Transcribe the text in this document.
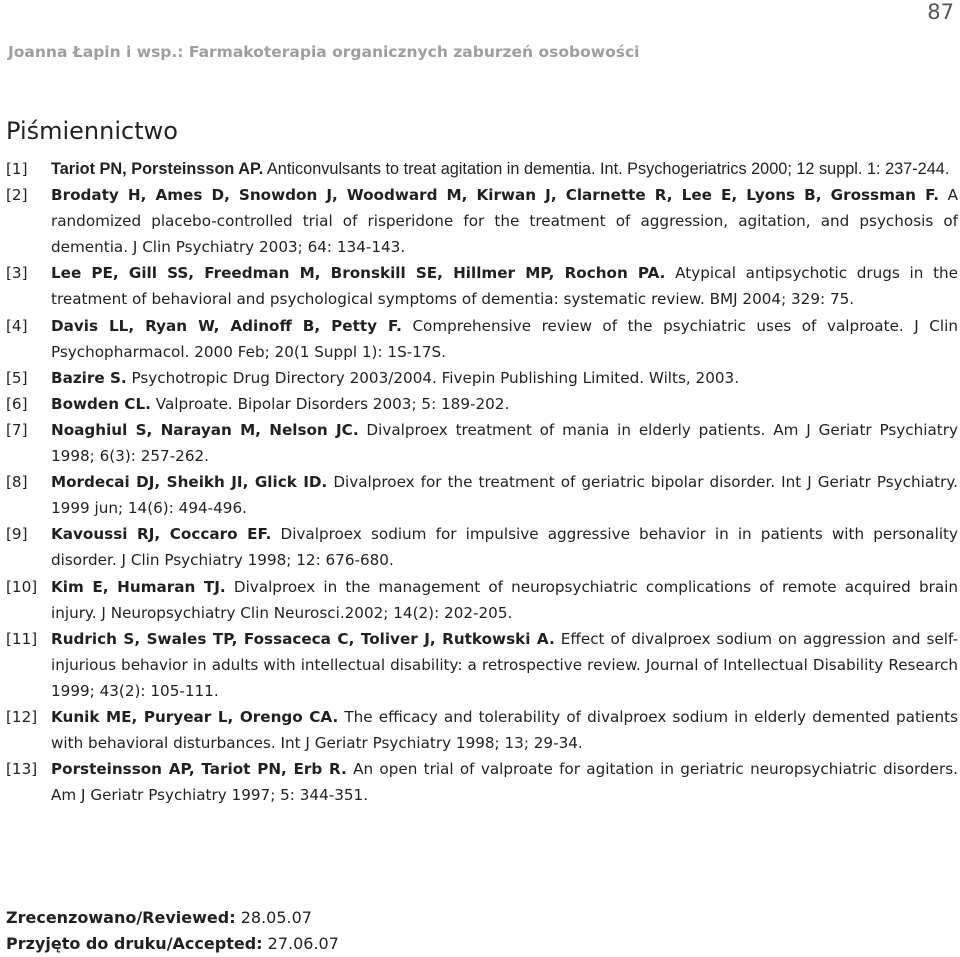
87
Joanna Łapin i wsp.: Farmakoterapia organicznych zaburzeń osobowości
Piśmiennictwo
[1]	Tariot PN, Porsteinsson AP. Anticonvulsants to treat agitation in dementia. Int. Psychogeriatrics 2000; 12 suppl. 1: 237-244.
[2]	Brodaty H, Ames D, Snowdon J, Woodward M, Kirwan J, Clarnette R, Lee E, Lyons B, Grossman F. A randomized placebo-controlled trial of risperidone for the treatment of aggression, agitation, and psychosis of dementia. J Clin Psychiatry 2003; 64: 134-143.
[3]	Lee PE, Gill SS, Freedman M, Bronskill SE, Hillmer MP, Rochon PA. Atypical antipsychotic drugs in the treatment of behavioral and psychological symptoms of dementia: systematic review. BMJ 2004; 329: 75.
[4]	Davis LL, Ryan W, Adinoff B, Petty F. Comprehensive review of the psychiatric uses of valproate. J Clin Psychopharmacol. 2000 Feb; 20(1 Suppl 1): 1S-17S.
[5]	Bazire S. Psychotropic Drug Directory 2003/2004. Fivepin Publishing Limited. Wilts, 2003.
[6]	Bowden CL. Valproate. Bipolar Disorders 2003; 5: 189-202.
[7]	Noaghiul S, Narayan M, Nelson JC. Divalproex treatment of mania in elderly patients. Am J Geriatr Psychiatry 1998; 6(3): 257-262.
[8]	Mordecai DJ, Sheikh JI, Glick ID. Divalproex for the treatment of geriatric bipolar disorder. Int J Geriatr Psychiatry. 1999 jun; 14(6): 494-496.
[9]	Kavoussi RJ, Coccaro EF. Divalproex sodium for impulsive aggressive behavior in in patients with personality disorder. J Clin Psychiatry 1998; 12: 676-680.
[10] Kim E, Humaran TJ. Divalproex in the management of neuropsychiatric complications of remote acquired brain injury. J Neuropsychiatry Clin Neurosci.2002; 14(2): 202-205.
[11] Rudrich S, Swales TP, Fossaceca C, Toliver J, Rutkowski A. Effect of divalproex sodium on aggression and self-injurious behavior in adults with intellectual disability: a retrospective review. Journal of Intellectual Disability Research 1999; 43(2): 105-111.
[12] Kunik ME, Puryear L, Orengo CA. The efficacy and tolerability of divalproex sodium in elderly demented patients with behavioral disturbances. Int J Geriatr Psychiatry 1998; 13; 29-34.
[13] Porsteinsson AP, Tariot PN, Erb R. An open trial of valproate for agitation in geriatric neuropsychiatric disorders. Am J Geriatr Psychiatry 1997; 5: 344-351.
Zrecenzowano/Reviewed: 28.05.07
Przyjęto do druku/Accepted: 27.06.07
